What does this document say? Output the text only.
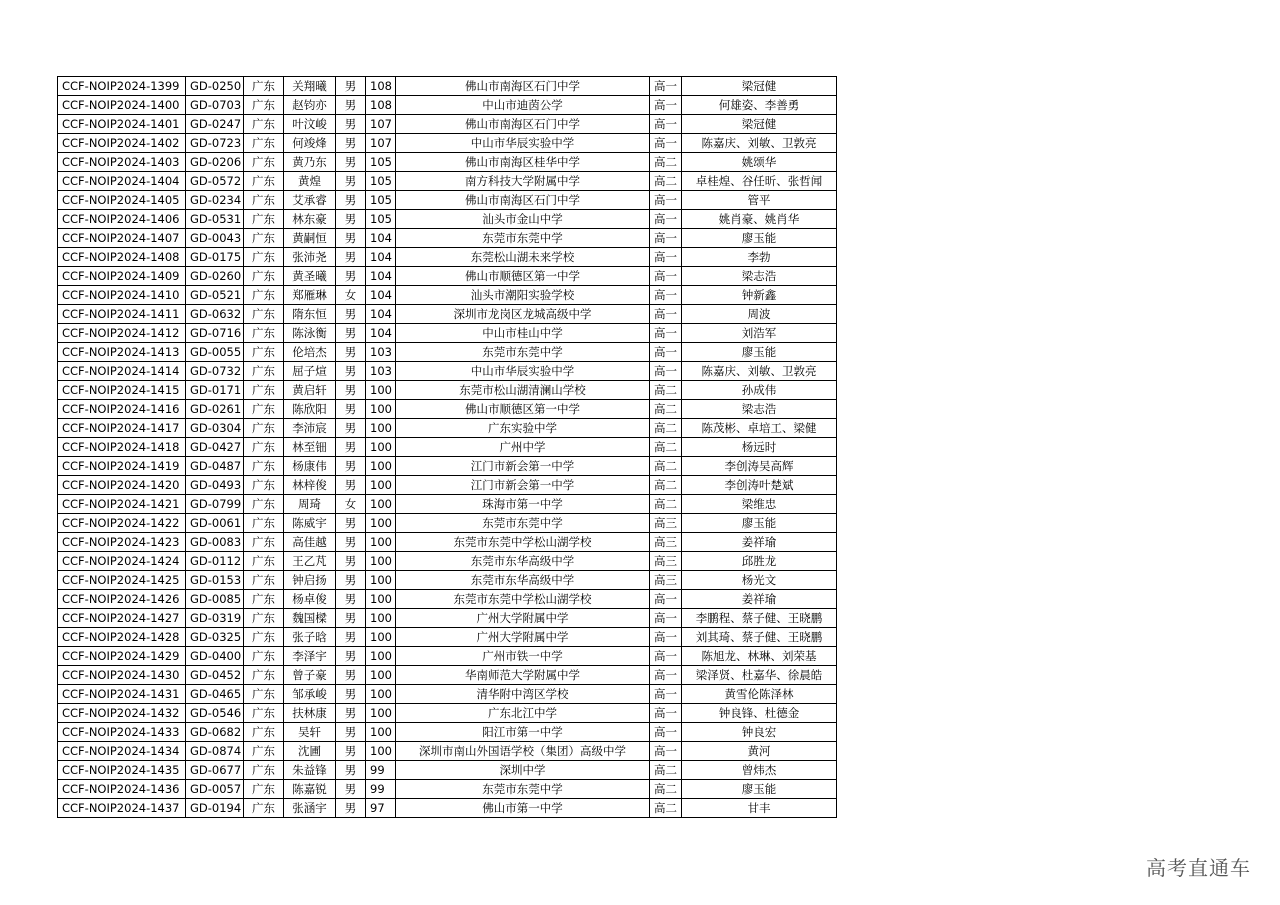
CCF-NOIP2024-1399	GD-0250	广东	关翔曦	男	108	佛山市南海区石门中学	高一	梁冠健
CCF-NOIP2024-1400	GD-0703	广东	赵钧亦	男	108	中山市迪茵公学	高一	何雄姿、李善勇
CCF-NOIP2024-1401	GD-0247	广东	叶汶峻	男	107	佛山市南海区石门中学	高一	梁冠健
CCF-NOIP2024-1402	GD-0723	广东	何竣烽	男	107	中山市华辰实验中学	高一	陈嘉庆、刘敏、卫敦亮
CCF-NOIP2024-1403	GD-0206	广东	黄乃东	男	105	佛山市南海区桂华中学	高二	姚颂华
CCF-NOIP2024-1404	GD-0572	广东	黄煌	男	105	南方科技大学附属中学	高二	卓桂煌、谷任昕、张哲闻
CCF-NOIP2024-1405	GD-0234	广东	艾承睿	男	105	佛山市南海区石门中学	高一	管平
CCF-NOIP2024-1406	GD-0531	广东	林东豪	男	105	汕头市金山中学	高一	姚肖豪、姚肖华
CCF-NOIP2024-1407	GD-0043	广东	黄嗣恒	男	104	东莞市东莞中学	高一	廖玉能
CCF-NOIP2024-1408	GD-0175	广东	张沛尧	男	104	东莞松山湖未来学校	高一	李勃
CCF-NOIP2024-1409	GD-0260	广东	黄圣曦	男	104	佛山市顺德区第一中学	高一	梁志浩
CCF-NOIP2024-1410	GD-0521	广东	郑雁琳	女	104	汕头市潮阳实验学校	高一	钟新鑫
CCF-NOIP2024-1411	GD-0632	广东	隋东恒	男	104	深圳市龙岗区龙城高级中学	高一	周波
CCF-NOIP2024-1412	GD-0716	广东	陈泳衡	男	104	中山市桂山中学	高一	刘浩军
CCF-NOIP2024-1413	GD-0055	广东	伦培杰	男	103	东莞市东莞中学	高一	廖玉能
CCF-NOIP2024-1414	GD-0732	广东	屈子煊	男	103	中山市华辰实验中学	高一	陈嘉庆、刘敏、卫敦亮
CCF-NOIP2024-1415	GD-0171	广东	黄启轩	男	100	东莞市松山湖清澜山学校	高二	孙成伟
CCF-NOIP2024-1416	GD-0261	广东	陈欣阳	男	100	佛山市顺德区第一中学	高二	梁志浩
CCF-NOIP2024-1417	GD-0304	广东	李沛宸	男	100	广东实验中学	高二	陈茂彬、卓培工、梁健
CCF-NOIP2024-1418	GD-0427	广东	林至钿	男	100	广州中学	高二	杨远时
CCF-NOIP2024-1419	GD-0487	广东	杨康伟	男	100	江门市新会第一中学	高二	李创涛吴高辉
CCF-NOIP2024-1420	GD-0493	广东	林梓俊	男	100	江门市新会第一中学	高二	李创涛叶楚斌
CCF-NOIP2024-1421	GD-0799	广东	周琦	女	100	珠海市第一中学	高二	梁维忠
CCF-NOIP2024-1422	GD-0061	广东	陈威宇	男	100	东莞市东莞中学	高三	廖玉能
CCF-NOIP2024-1423	GD-0083	广东	高佳越	男	100	东莞市东莞中学松山湖学校	高三	姜祥瑜
CCF-NOIP2024-1424	GD-0112	广东	王乙芃	男	100	东莞市东华高级中学	高三	邱胜龙
CCF-NOIP2024-1425	GD-0153	广东	钟启扬	男	100	东莞市东华高级中学	高三	杨光文
CCF-NOIP2024-1426	GD-0085	广东	杨卓俊	男	100	东莞市东莞中学松山湖学校	高一	姜祥瑜
CCF-NOIP2024-1427	GD-0319	广东	魏国樑	男	100	广州大学附属中学	高一	李鹏程、蔡子健、王晓鹏
CCF-NOIP2024-1428	GD-0325	广东	张子晗	男	100	广州大学附属中学	高一	刘其琦、蔡子健、王晓鹏
CCF-NOIP2024-1429	GD-0400	广东	李泽宇	男	100	广州市铁一中学	高一	陈旭龙、林琳、刘荣基
CCF-NOIP2024-1430	GD-0452	广东	曾子豪	男	100	华南师范大学附属中学	高一	梁泽贤、杜嘉华、徐晨皓
CCF-NOIP2024-1431	GD-0465	广东	邹承峻	男	100	清华附中湾区学校	高一	黄雪伦陈泽林
CCF-NOIP2024-1432	GD-0546	广东	扶林康	男	100	广东北江中学	高一	钟良锋、杜德金
CCF-NOIP2024-1433	GD-0682	广东	吴轩	男	100	阳江市第一中学	高一	钟良宏
CCF-NOIP2024-1434	GD-0874	广东	沈圃	男	100	深圳市南山外国语学校（集团）高级中学	高一	黄河
CCF-NOIP2024-1435	GD-0677	广东	朱益锋	男	99	深圳中学	高二	曾炜杰
CCF-NOIP2024-1436	GD-0057	广东	陈嘉锐	男	99	东莞市东莞中学	高二	廖玉能
CCF-NOIP2024-1437	GD-0194	广东	张涵宇	男	97	佛山市第一中学	高二	甘丰
高考直通车
